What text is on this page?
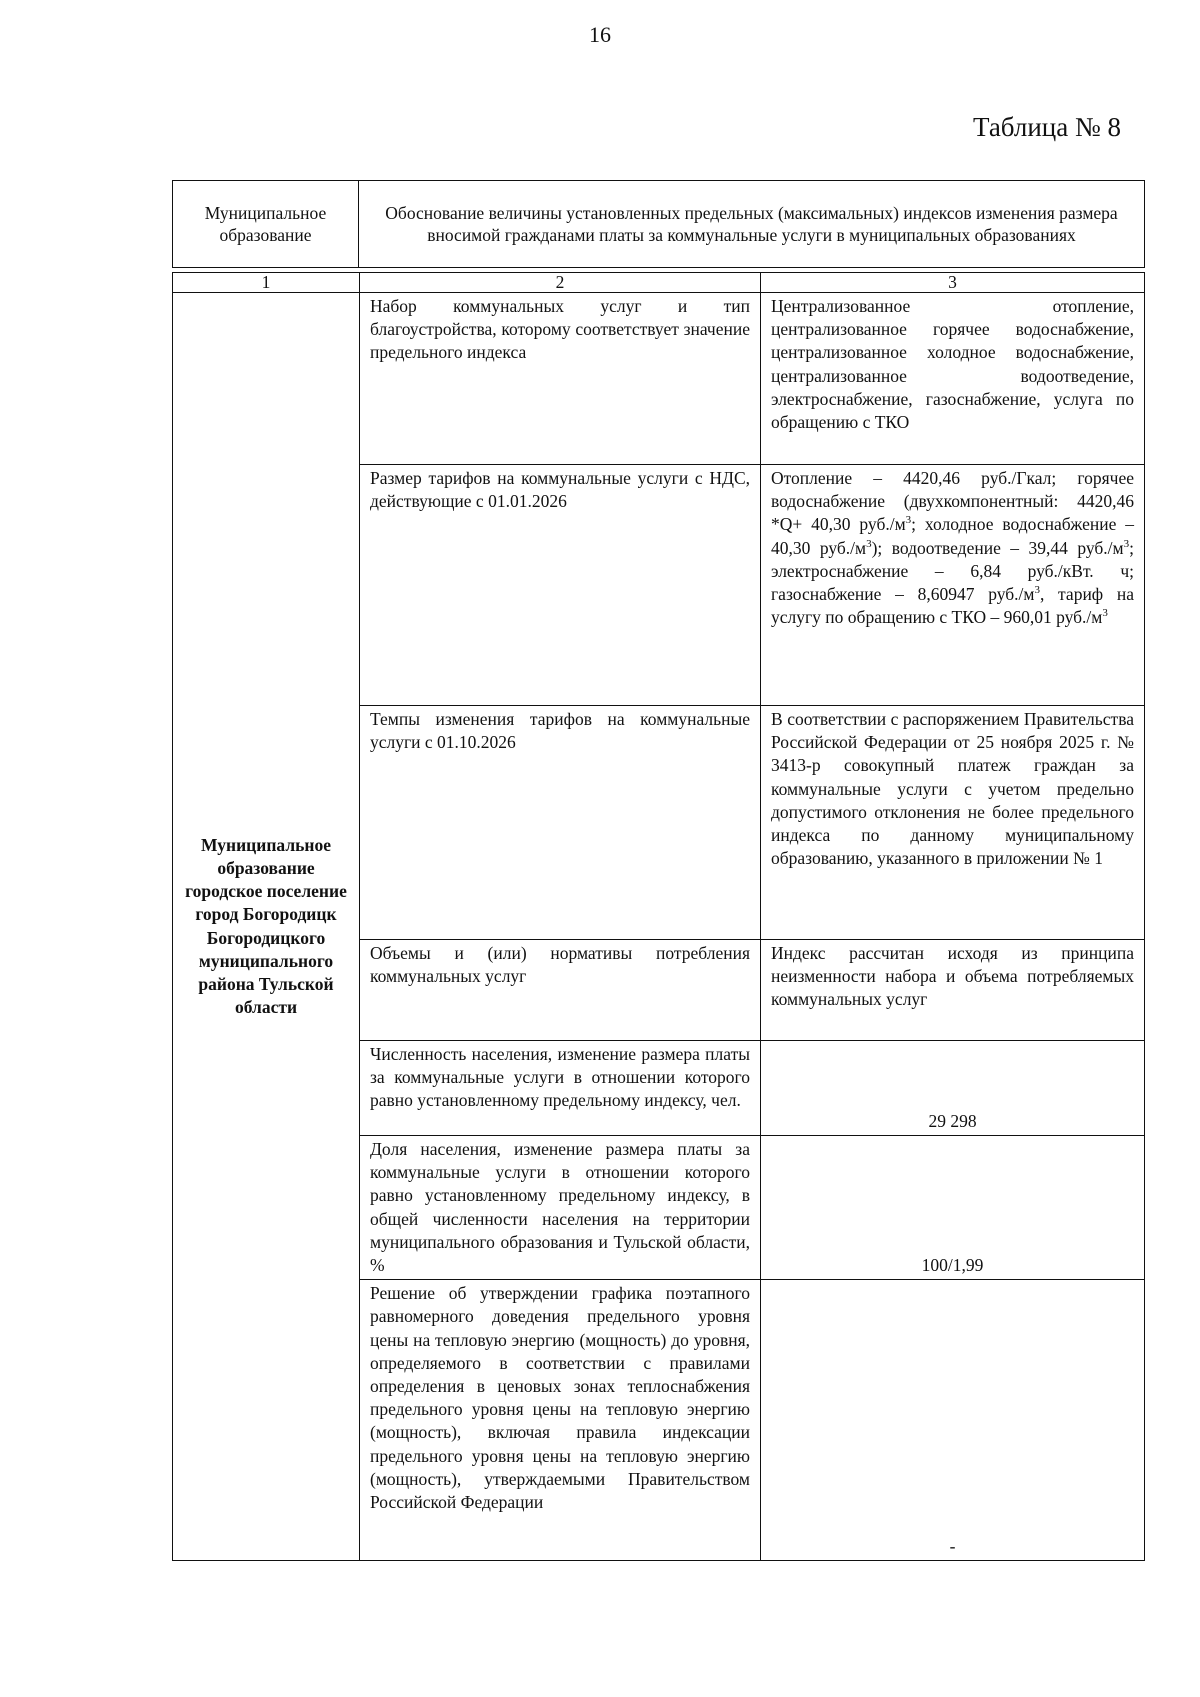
16
Таблица № 8
Муниципальное образование	Обоснование величины установленных предельных (максимальных) индексов изменения размера вносимой гражданами платы за коммунальные услуги в муниципальных образованиях
1	2	3
Муниципальное образование городское поселение город Богородицк Богородицкого муниципального района Тульской области	Набор коммунальных услуг и тип благоустройства, которому соответствует значение предельного индекса	Централизованное отопление, централизованное горячее водоснабжение, централизованное холодное водоснабжение, централизованное водоотведение, электроснабжение, газоснабжение, услуга по обращению с ТКО
	Размер тарифов на коммунальные услуги с НДС, действующие с 01.01.2026	Отопление – 4420,46 руб./Гкал; горячее водоснабжение (двухкомпонентный: 4420,46 *Q+ 40,30 $руб./м^3$; холодное водоснабжение – 40,30 $руб./м^3$); водоотведение – 39,44 $руб./м^3$; электроснабжение – 6,84 руб./кВт. ч; газоснабжение – 8,60947 $руб./м^3$, тариф на услугу по обращению с ТКО – 960,01 $руб./м^3$
	Темпы изменения тарифов на коммунальные услуги с 01.10.2026	В соответствии с распоряжением Правительства Российской Федерации от 25 ноября 2025 г. № 3413-р совокупный платеж граждан за коммунальные услуги с учетом предельно допустимого отклонения не более предельного индекса по данному муниципальному образованию, указанного в приложении № 1
	Объемы и (или) нормативы потребления коммунальных услуг	Индекс рассчитан исходя из принципа неизменности набора и объема потребляемых коммунальных услуг
	Численность населения, изменение размера платы за коммунальные услуги в отношении которого равно установленному предельному индексу, чел.	29 298
	Доля населения, изменение размера платы за коммунальные услуги в отношении которого равно установленному предельному индексу, в общей численности населения на территории муниципального образования и Тульской области, %	100/1,99
	Решение об утверждении графика поэтапного равномерного доведения предельного уровня цены на тепловую энергию (мощность) до уровня, определяемого в соответствии с правилами определения в ценовых зонах теплоснабжения предельного уровня цены на тепловую энергию (мощность), включая правила индексации предельного уровня цены на тепловую энергию (мощность), утверждаемыми Правительством Российской Федерации	-
